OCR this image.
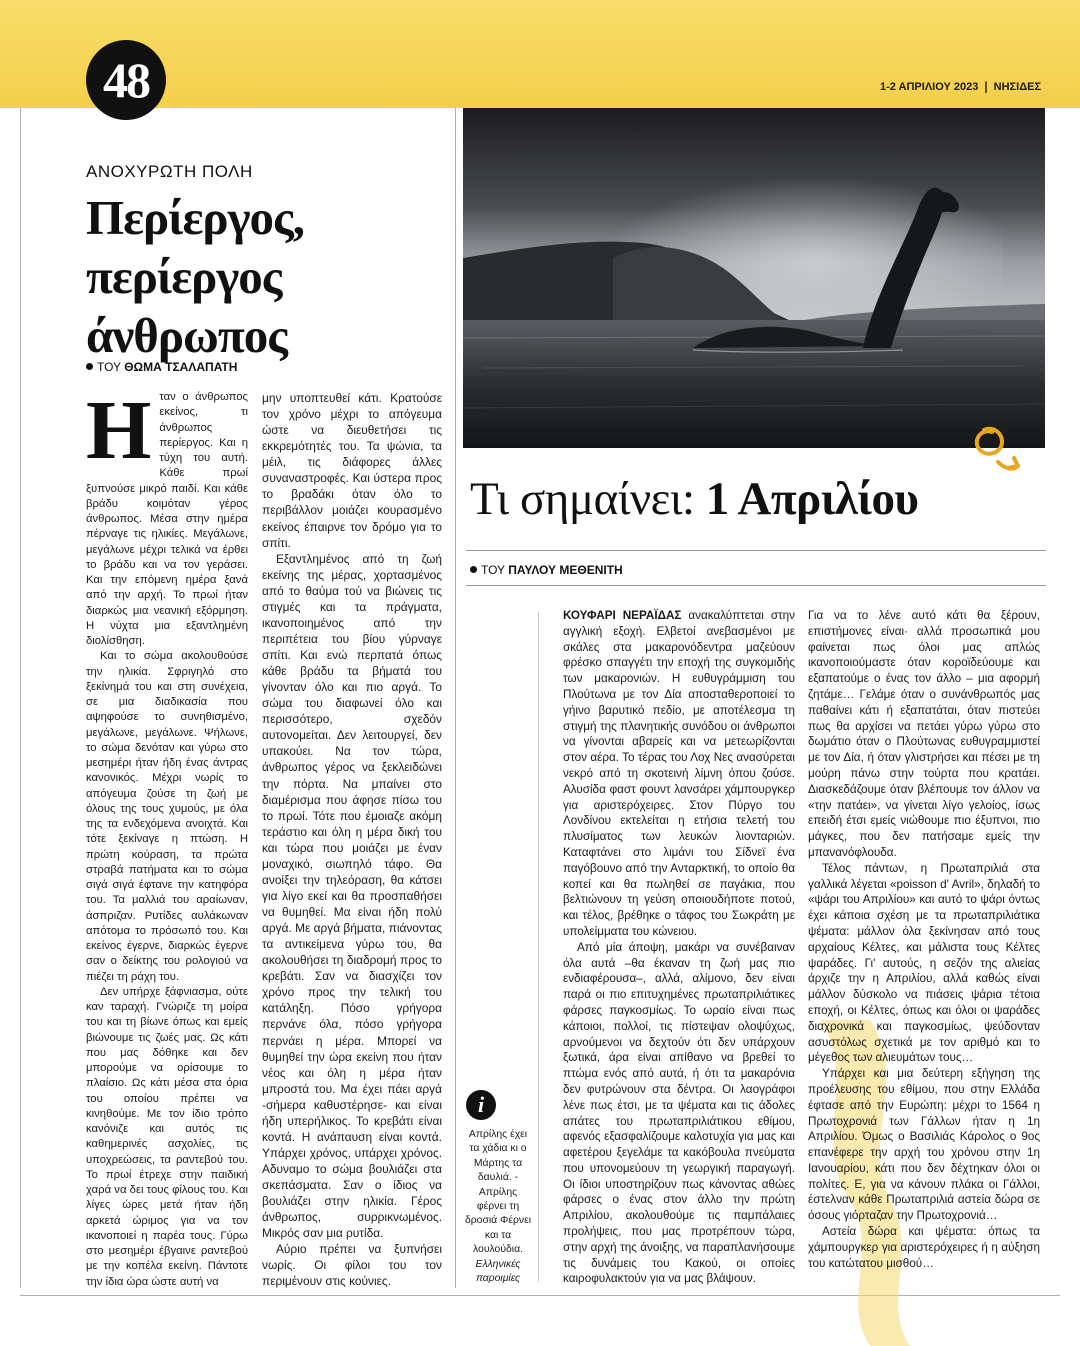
48	1-2 ΑΠΡΙΛΙΟΥ 2023 ❘ ΝΗΣΙΔΕΣ
ΑΝΟΧΥΡΩΤΗ ΠΟΛΗ
Περίεργος,
περίεργος
άνθρωπος
ΤΟΥ ΘΩΜΑ ΤΣΑΛΑΠΑΤΗ

Ηταν ο άνθρωπος εκείνος, τι άνθρωπος περίεργος. Και η τύχη του αυτή. Κάθε πρωί ξυπνούσε μικρό παιδί. Και κάθε βράδυ κοιμόταν γέρος άνθρωπος. Μέσα στην ημέρα πέρναγε τις ηλικίες. Μεγάλωνε, μεγάλωνε μέχρι τελικά να έρθει το βράδυ και να τον γεράσει. Και την επόμενη ημέρα ξανά από την αρχή. Το πρωί ήταν διαρκώς μια νεανική εξόρμηση. Η νύχτα μια εξαντλημένη διολίσθηση.

Και το σώμα ακολουθούσε την ηλικία. Σφριγηλό στο ξεκίνημά του και στη συνέχεια, σε μια διαδικασία που αψηφούσε το συνηθισμένο, μεγάλωνε, μεγάλωνε. Ψήλωνε, το σώμα δενόταν και γύρω στο μεσημέρι ήταν ήδη ένας άντρας κανονικός. Μέχρι νωρίς το απόγευμα ζούσε τη ζωή με όλους της τους χυμούς, με όλα της τα ενδεχόμενα ανοιχτά. Και τότε ξεκίναγε η πτώση. Η πρώτη κούραση, τα πρώτα στραβά πατήματα και το σώμα σιγά σιγά έφτανε την κατηφόρα του. Τα μαλλιά του αραίωναν, άσπριζαν. Ρυτίδες αυλάκωναν απότομα το πρόσωπό του. Και εκείνος έγερνε, διαρκώς έγερνε σαν ο δείκτης του ρολογιού να πιέζει τη ράχη του.

Δεν υπήρχε ξάφνιασμα, ούτε καν ταραχή. Γνώριζε τη μοίρα του και τη βίωνε όπως και εμείς βιώνουμε τις ζωές μας. Ως κάτι που μας δόθηκε και δεν μπορούμε να ορίσουμε το πλαίσιο. Ως κάτι μέσα στα όρια του οποίου πρέπει να κινηθούμε. Με τον ίδιο τρόπο κανόνιζε και αυτός τις καθημερινές ασχολίες, τις υποχρεώσεις, τα ραντεβού του. Το πρωί έτρεχε στην παιδική χαρά να δει τους φίλους του. Και λίγες ώρες μετά ήταν ήδη αρκετά ώριμος για να τον ικανοποιεί η παρέα τους. Γύρω στο μεσημέρι έβγαινε ραντεβού με την κοπέλα εκείνη. Πάντοτε την ίδια ώρα ώστε αυτή να

μην υποπτευθεί κάτι. Κρατούσε τον χρόνο μέχρι το απόγευμα ώστε να διευθετήσει τις εκκρεμότητές του. Τα ψώνια, τα μέιλ, τις διάφορες άλλες συναναστροφές. Και ύστερα προς το βραδάκι όταν όλο το περιβάλλον μοιάζει κουρασμένο εκείνος έπαιρνε τον δρόμο για το σπίτι.

Εξαντλημένος από τη ζωή εκείνης της μέρας, χορτασμένος από το θαύμα τού να βιώνεις τις στιγμές και τα πράγματα, ικανοποιημένος από την περιπέτεια του βίου γύρναγε σπίτι. Και ενώ περπατά όπως κάθε βράδυ τα βήματά του γίνονταν όλο και πιο αργά. Το σώμα του διαφωνεί όλο και περισσότερο, σχεδόν αυτονομείται. Δεν λειτουργεί, δεν υπακούει. Να τον τώρα, άνθρωπος γέρος να ξεκλειδώνει την πόρτα. Να μπαίνει στο διαμέρισμα που άφησε πίσω του το πρωί. Τότε που έμοιαζε ακόμη τεράστιο και όλη η μέρα δική του και τώρα που μοιάζει με έναν μοναχικό, σιωπηλό τάφο. Θα ανοίξει την τηλεόραση, θα κάτσει για λίγο εκεί και θα προσπαθήσει να θυμηθεί. Μα είναι ήδη πολύ αργά. Με αργά βήματα, πιάνοντας τα αντικείμενα γύρω του, θα ακολουθήσει τη διαδρομή προς το κρεβάτι. Σαν να διασχίζει τον χρόνο προς την τελική του κατάληξη. Πόσο γρήγορα περνάνε όλα, πόσο γρήγορα περνάει η μέρα. Μπορεί να θυμηθεί την ώρα εκείνη που ήταν νέος και όλη η μέρα ήταν μπροστά του. Μα έχει πάει αργά -σήμερα καθυστέρησε- και είναι ήδη υπερήλικος. Το κρεβάτι είναι κοντά. Η ανάπαυση είναι κοντά. Υπάρχει χρόνος, υπάρχει χρόνος. Αδυναμο το σώμα βουλιάζει στα σκεπάσματα. Σαν ο ίδιος να βουλιάζει στην ηλικία. Γέρος άνθρωπος, συρρικνωμένος. Μικρός σαν μια ρυτίδα.

Αύριο πρέπει να ξυπνήσει νωρίς. Οι φίλοι του τον περιμένουν στις κούνιες.

Τι σημαίνει: 1 Απριλίου
ΤΟΥ ΠΑΥΛΟΥ ΜΕΘΕΝΙΤΗ

ΚΟΥΦΑΡΙ ΝΕΡΑΪΔΑΣ ανακαλύπτεται στην αγγλική εξοχή. Ελβετοί ανεβασμένοι με σκάλες στα μακαρονόδεντρα μαζεύουν φρέσκο σπαγγέτι την εποχή της συγκομιδής των μακαρονιών. Η ευθυγράμμιση του Πλούτωνα με τον Δία αποσταθεροποιεί το γήινο βαρυτικό πεδίο, με αποτέλεσμα τη στιγμή της πλανητικής συνόδου οι άνθρωποι να γίνονται αβαρείς και να μετεωρίζονται στον αέρα. Το τέρας του Λοχ Νες ανασύρεται νεκρό από τη σκοτεινή λίμνη όπου ζούσε. Αλυσίδα φαστ φουντ λανσάρει χάμπουργκερ για αριστερόχειρες. Στον Πύργο του Λονδίνου εκτελείται η ετήσια τελετή του πλυσίματος των λευκών λιονταριών. Καταφτάνει στο λιμάνι του Σίδνεϊ ένα παγόβουνο από την Ανταρκτική, το οποίο θα κοπεί και θα πωληθεί σε παγάκια, που βελτιώνουν τη γεύση οποιουδήποτε ποτού, και τέλος, βρέθηκε ο τάφος του Σωκράτη με υπολείμματα του κώνειου.

Από μία άποψη, μακάρι να συνέβαιναν όλα αυτά –θα έκαναν τη ζωή μας πιο ενδιαφέρουσα–, αλλά, αλίμονο, δεν είναι παρά οι πιο επιτυχημένες πρωταπριλιάτικες φάρσες παγκοσμίως. Το ωραίο είναι πως κάποιοι, πολλοί, τις πίστεψαν ολοψύχως, αρνούμενοι να δεχτούν ότι δεν υπάρχουν ξωτικά, άρα είναι απίθανο να βρεθεί το πτώμα ενός από αυτά, ή ότι τα μακαρόνια δεν φυτρώνουν στα δέντρα. Οι λαογράφοι λένε πως έτσι, με τα ψέματα και τις άδολες απάτες του πρωταπριλιάτικου εθίμου, αφενός εξασφαλίζουμε καλοτυχία για μας και αφετέρου ξεγελάμε τα κακόβουλα πνεύματα που υπονομεύουν τη γεωργική παραγωγή. Οι ίδιοι υποστηρίζουν πως κάνοντας αθώες φάρσες ο ένας στον άλλο την πρώτη Απριλίου, ακολουθούμε τις παμπάλαιες προλήψεις, που μας προτρέπουν τώρα, στην αρχή της άνοιξης, να παραπλανήσουμε τις δυνάμεις του Κακού, οι οποίες καιροφυλακτούν για να μας βλάψουν.

Για να το λένε αυτό κάτι θα ξέρουν, επιστήμονες είναι· αλλά προσωπικά μου φαίνεται πως όλοι μας απλώς ικανοποιούμαστε όταν κοροϊδεύουμε και εξαπατούμε ο ένας τον άλλο – μια αφορμή ζητάμε… Γελάμε όταν ο συνάνθρωπός μας παθαίνει κάτι ή εξαπατάται, όταν πιστεύει πως θα αρχίσει να πετάει γύρω γύρω στο δωμάτιο όταν ο Πλούτωνας ευθυγραμμιστεί με τον Δία, ή όταν γλιστρήσει και πέσει με τη μούρη πάνω στην τούρτα που κρατάει. Διασκεδάζουμε όταν βλέπουμε τον άλλον να «την πατάει», να γίνεται λίγο γελοίος, ίσως επειδή έτσι εμείς νιώθουμε πιο έξυπνοι, πιο μάγκες, που δεν πατήσαμε εμείς την μπανανόφλουδα.

Τέλος πάντων, η Πρωταπριλιά στα γαλλικά λέγεται «poisson d' Avril», δηλαδή το «ψάρι του Απριλίου» και αυτό το ψάρι όντως έχει κάποια σχέση με τα πρωταπριλιάτικα ψέματα: μάλλον όλα ξεκίνησαν από τους αρχαίους Κέλτες, και μάλιστα τους Κέλτες ψαράδες. Γι' αυτούς, η σεζόν της αλιείας άρχιζε την η Απριλίου, αλλά καθώς είναι μάλλον δύσκολο να πιάσεις ψάρια τέτοια εποχή, οι Κέλτες, όπως και όλοι οι ψαράδες διαχρονικά και παγκοσμίως, ψεύδονταν ασυστόλως σχετικά με τον αριθμό και το μέγεθος των αλιευμάτων τους…

Υπάρχει και μια δεύτερη εξήγηση της προέλευσης του εθίμου, που στην Ελλάδα έφτασε από την Ευρώπη: μέχρι το 1564 η Πρωτοχρονιά των Γάλλων ήταν η 1η Απριλίου. Όμως ο Βασιλιάς Κάρολος ο 9ος επανέφερε την αρχή του χρόνου στην 1η Ιανουαρίου, κάτι που δεν δέχτηκαν όλοι οι πολίτες. Ε, για να κάνουν πλάκα οι Γάλλοι, έστελναν κάθε Πρωταπριλιά αστεία δώρα σε όσους γιόρταζαν την Πρωτοχρονιά…

Αστεία δώρα και ψέματα: όπως τα χάμπουργκερ για αριστερόχειρες ή η αύξηση του κατώτατου μισθού…

i
Απρίλης έχει τα χάδια κι ο Μάρτης τα δαυλιά. - Απρίλης φέρνει τη δροσιά Φέρνει και τα λουλούδια.
Ελληνικές παροιμίες
